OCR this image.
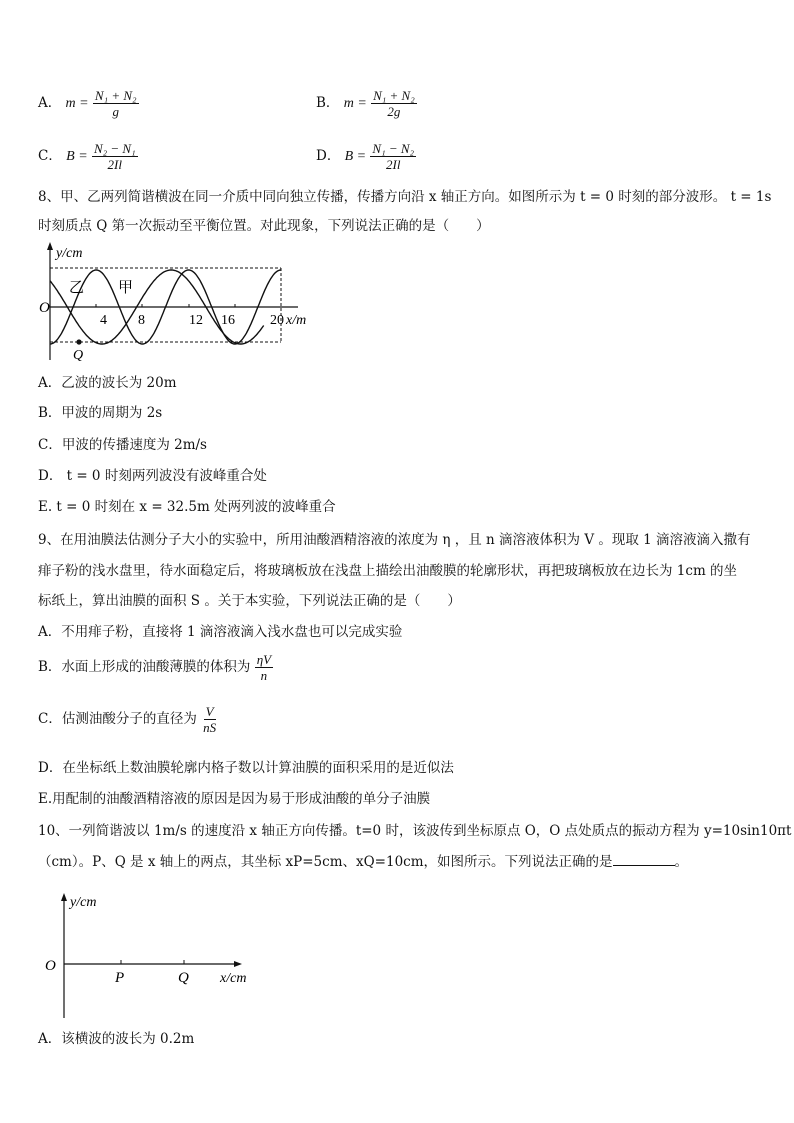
A． $m = \frac{\text{N₁ + N₂}}{g}$	B． $m = \frac{\text{N₁ + N₂}}{2g}$
C． $B = \frac{\text{N₂ − N₁}}{2Il}$	D． $B = \frac{\text{N₁ − N₂}}{2Il}$
8、甲、乙两列简谐横波在同一介质中同向独立传播，传播方向沿 x 轴正方向。如图所示为 t = 0 时刻的部分波形。 t = 1s
时刻质点 Q 第一次振动至平衡位置。对此现象，下列说法正确的是（　　）
y/cm
O
乙 甲
4 8	12 16	20 x/m
Q
A．乙波的波长为 20m
B．甲波的周期为 2s
C．甲波的传播速度为 2m/s
D． t = 0 时刻两列波没有波峰重合处
E. t = 0 时刻在 x = 32.5m 处两列波的波峰重合
9、在用油膜法估测分子大小的实验中，所用油酸酒精溶液的浓度为 η ，且 n 滴溶液体积为 V 。现取 1 滴溶液滴入撒有
痱子粉的浅水盘里，待水面稳定后，将玻璃板放在浅盘上描绘出油酸膜的轮廓形状，再把玻璃板放在边长为 1cm 的坐
标纸上，算出油膜的面积 S 。关于本实验，下列说法正确的是（　　）
A．不用痱子粉，直接将 1 滴溶液滴入浅水盘也可以完成实验
B．水面上形成的油酸薄膜的体积为 $\frac{\eta V}{n}$
C．估测油酸分子的直径为 $\frac{V}{nS}$
D．在坐标纸上数油膜轮廓内格子数以计算油膜的面积采用的是近似法
E.用配制的油酸酒精溶液的原因是因为易于形成油酸的单分子油膜
10、一列简谐波以 1m/s 的速度沿 x 轴正方向传播。t=0 时，该波传到坐标原点 O，O 点处质点的振动方程为 y=10sin10πt
（cm）。P、Q 是 x 轴上的两点，其坐标 xP=5cm、xQ=10cm，如图所示。下列说法正确的是	。
y/cm
O
P	Q x/cm
A．该横波的波长为 0.2m
